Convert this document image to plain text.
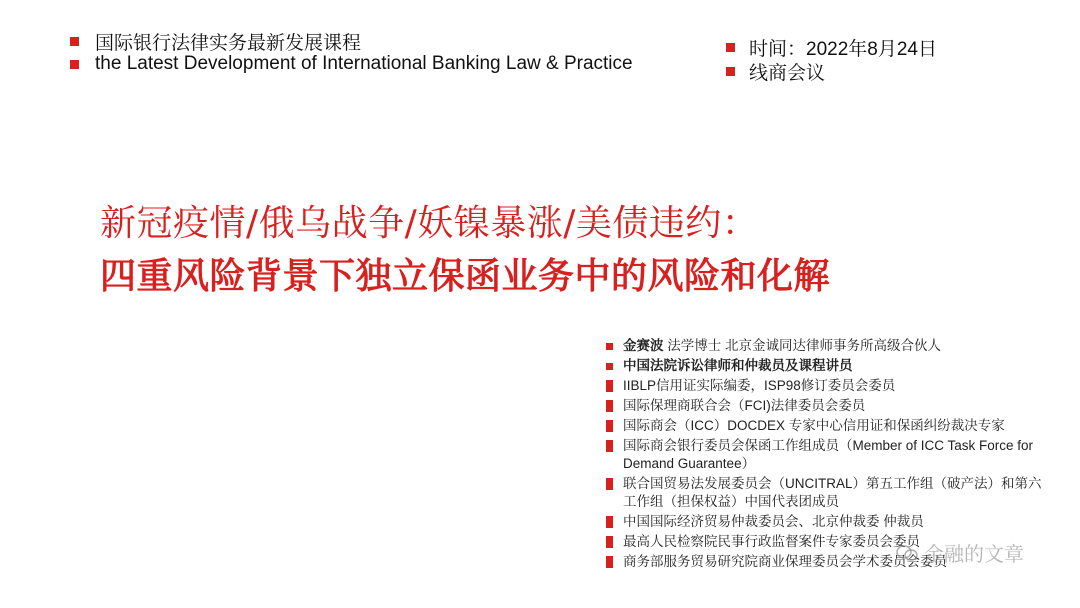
国际银行法律实务最新发展课程
the Latest Development of International Banking Law & Practice
时间：2022年8月24日
线商会议
新冠疫情/俄乌战争/妖镍暴涨/美债违约：
四重风险背景下独立保函业务中的风险和化解
金赛波 法学博士 北京金诚同达律师事务所高级合伙人
中国法院诉讼律师和仲裁员及课程讲员
IIBLP信用证实际编委，ISP98修订委员会委员
国际保理商联合会（FCI)法律委员会委员
国际商会（ICC）DOCDEX 专家中心信用证和保函纠纷裁决专家
国际商会银行委员会保函工作组成员（Member of ICC Task Force for Demand Guarantee）
联合国贸易法发展委员会（UNCITRAL）第五工作组（破产法）和第六工作组（担保权益）中国代表团成员
中国国际经济贸易仲裁委员会、北京仲裁委 仲裁员
最高人民检察院民事行政监督案件专家委员会委员
商务部服务贸易研究院商业保理委员会学术委员会委员
金融的文章
